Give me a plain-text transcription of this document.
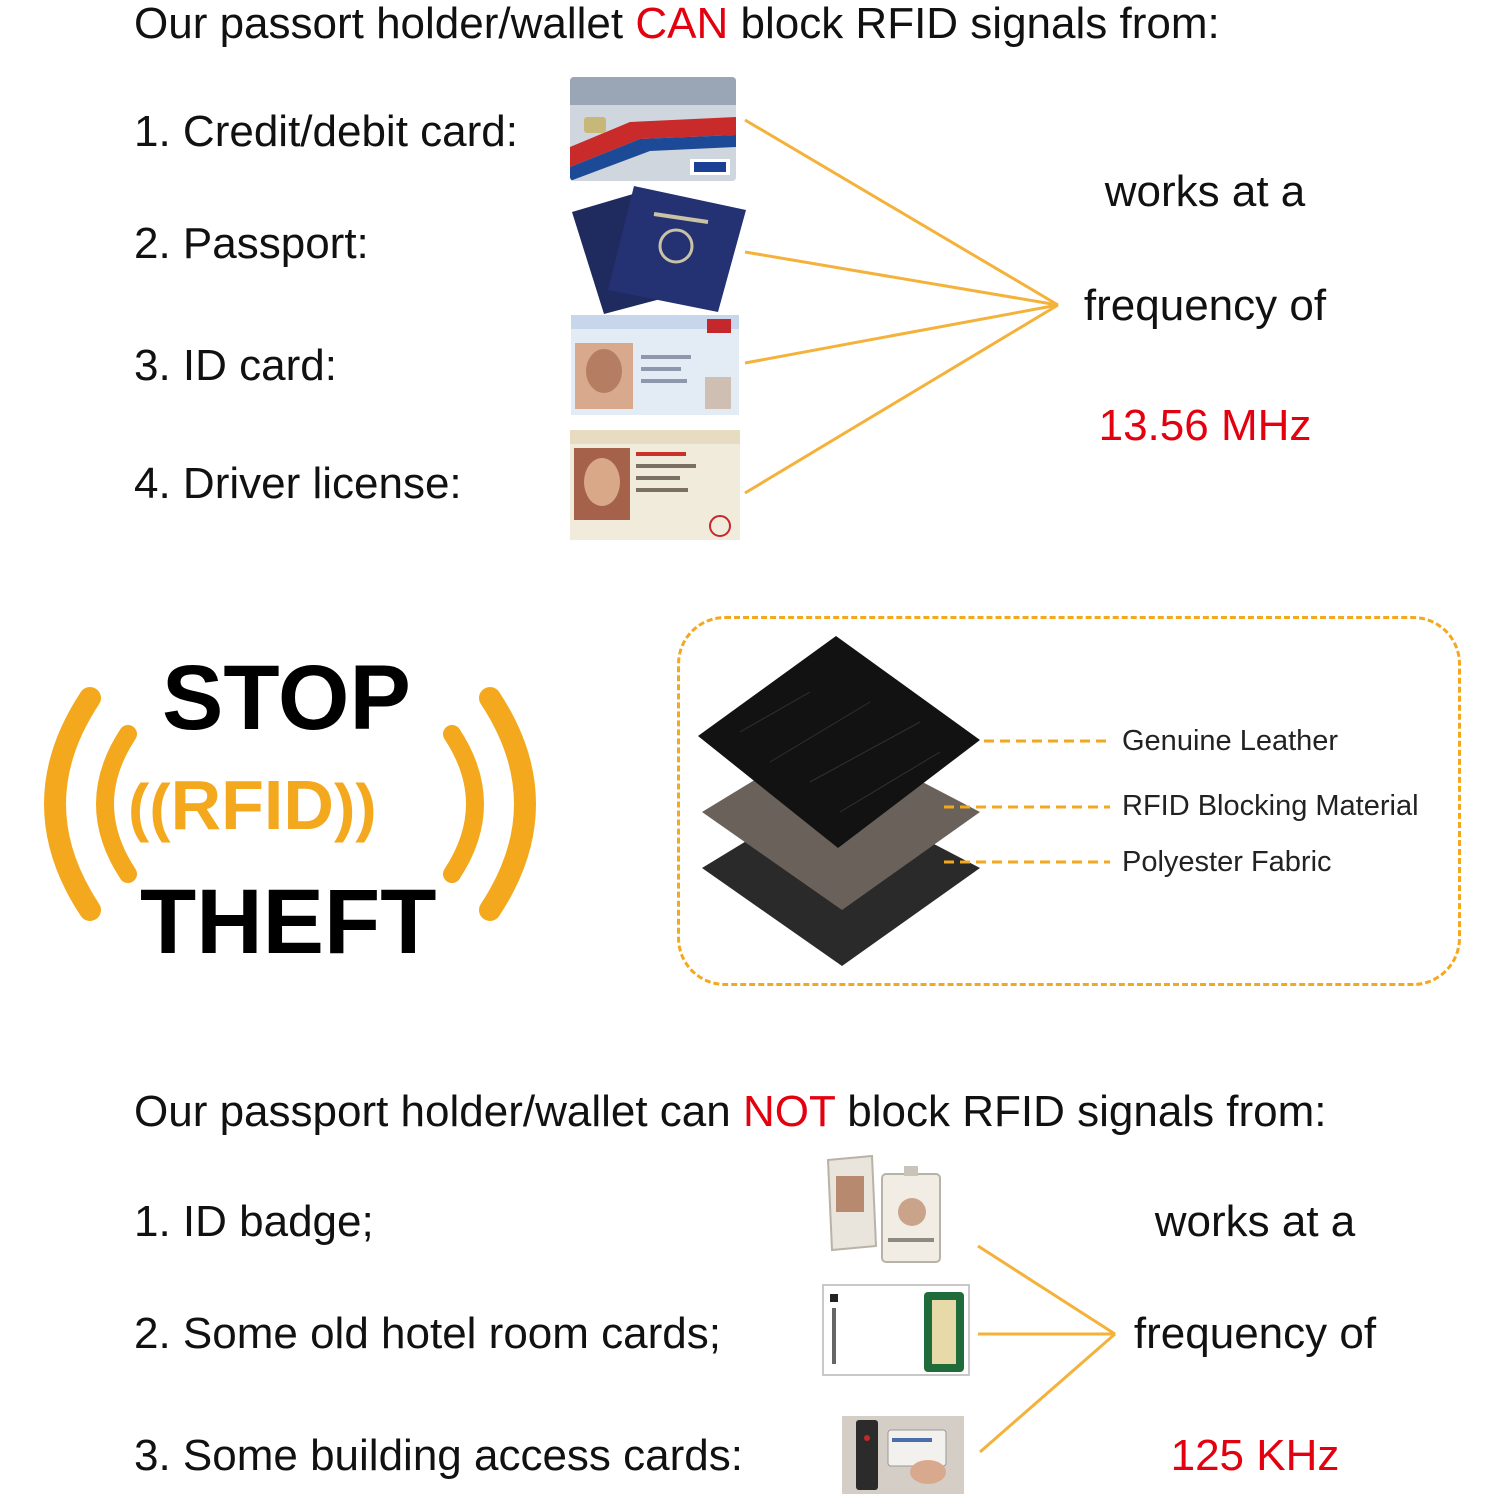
Our passort holder/wallet CAN block RFID signals from:
1. Credit/debit card:
2. Passport:
3. ID card:
4. Driver license:
works at a
frequency of
13.56 MHz
STOP
((RFID))
THEFT
Genuine Leather
RFID Blocking Material
Polyester Fabric
Our passport holder/wallet can NOT block RFID signals from:
1. ID badge;
2. Some old hotel room cards;
3. Some building access cards:
works at a
frequency of
125 KHz
